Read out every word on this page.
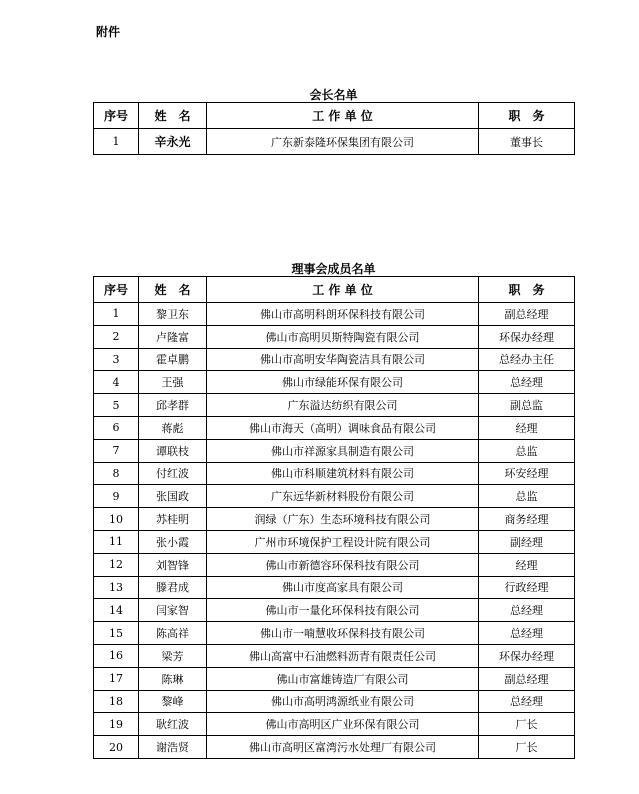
附件
会长名单
序号	姓　名	工 作 单 位	职　务
1	辛永光	广东新泰隆环保集团有限公司	董事长
理事会成员名单
序号	姓　名	工 作 单 位	职　务
1	黎卫东	佛山市高明科朗环保科技有限公司	副总经理
2	卢隆富	佛山市高明贝斯特陶瓷有限公司	环保办经理
3	霍卓鹏	佛山市高明安华陶瓷洁具有限公司	总经办主任
4	王强	佛山市绿能环保有限公司	总经理
5	邱孝群	广东溢达纺织有限公司	副总监
6	蒋彪	佛山市海天（高明）调味食品有限公司	经理
7	谭联枝	佛山市祥源家具制造有限公司	总监
8	付红波	佛山市科顺建筑材料有限公司	环安经理
9	张国政	广东远华新材料股份有限公司	总监
10	苏桂明	润绿（广东）生态环境科技有限公司	商务经理
11	张小霞	广州市环境保护工程设计院有限公司	副经理
12	刘智锋	佛山市新德容环保科技有限公司	经理
13	滕君成	佛山市度高家具有限公司	行政经理
14	闫家智	佛山市一量化环保科技有限公司	总经理
15	陈高祥	佛山市一喃慧收环保科技有限公司	总经理
16	梁芳	佛山高富中石油燃料沥青有限责任公司	环保办经理
17	陈琳	佛山市富雄铸造厂有限公司	副总经理
18	黎峰	佛山市高明鸿源纸业有限公司	总经理
19	耿红波	佛山市高明区广业环保有限公司	厂长
20	谢浩贤	佛山市高明区富湾污水处理厂有限公司	厂长
